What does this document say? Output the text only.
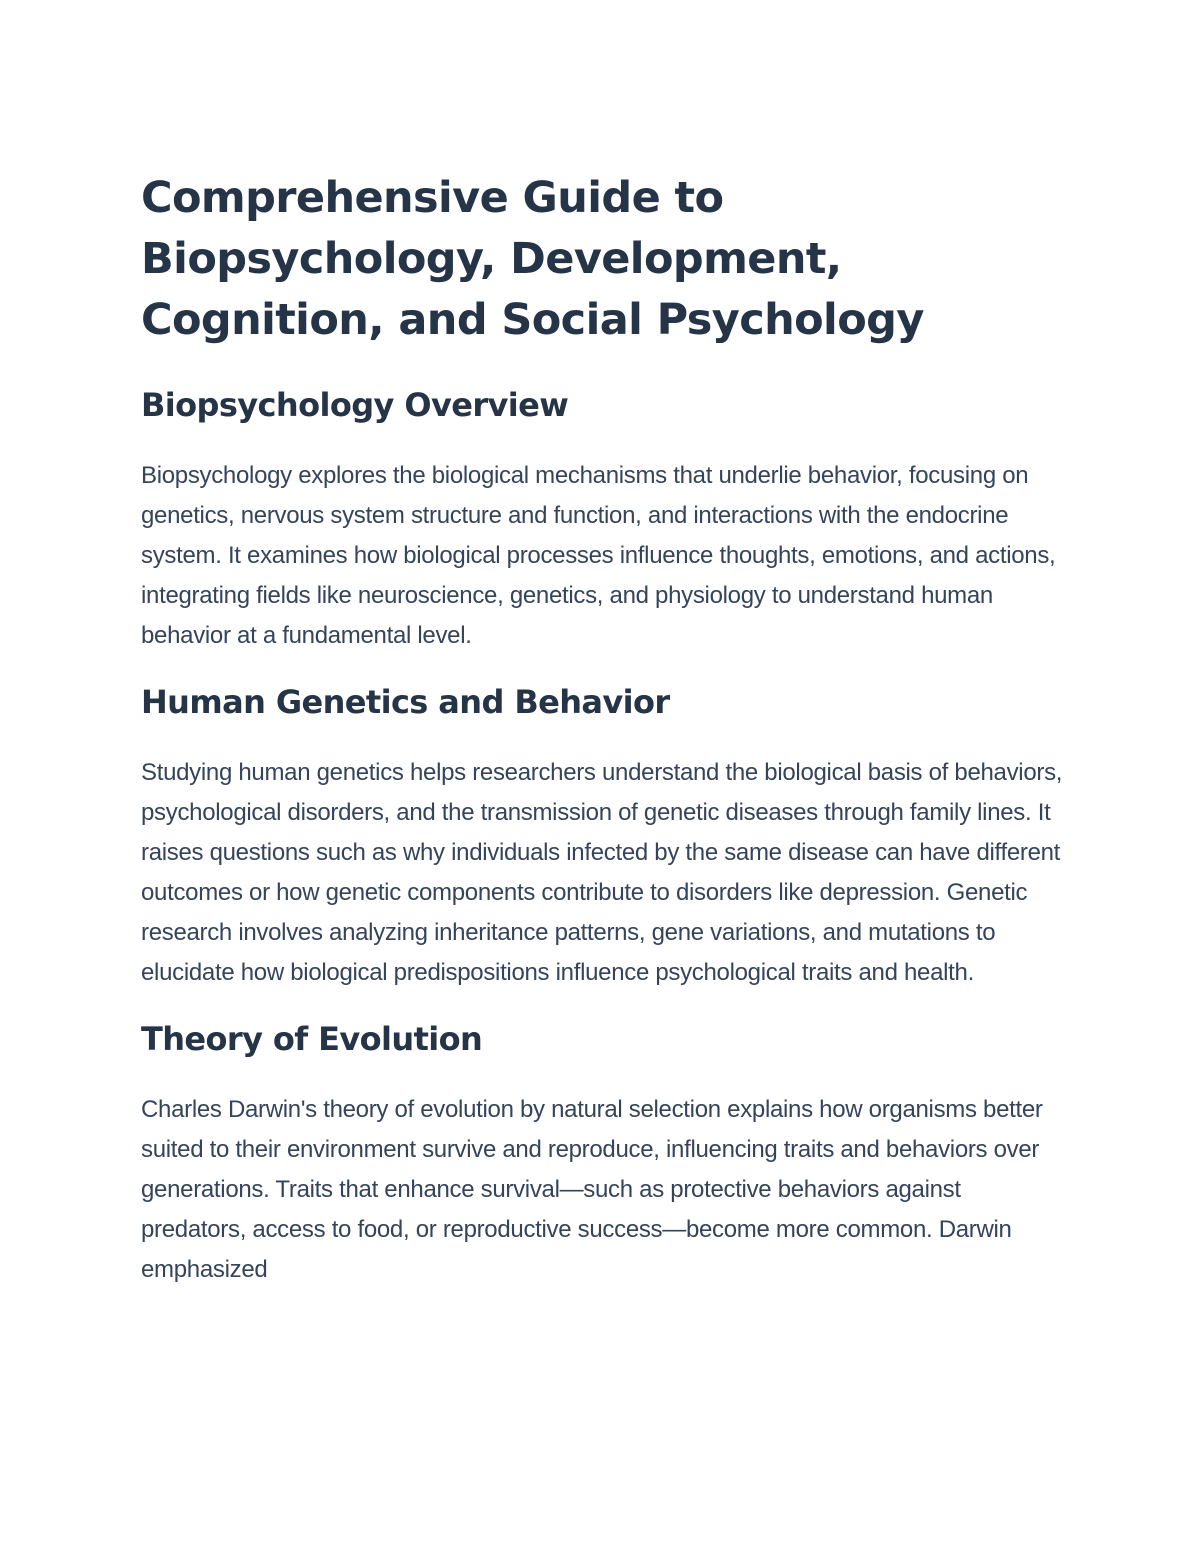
Comprehensive Guide to Biopsychology, Development, Cognition, and Social Psychology
Biopsychology Overview

Biopsychology explores the biological mechanisms that underlie behavior, focusing on genetics, nervous system structure and function, and interactions with the endocrine system. It examines how biological processes influence thoughts, emotions, and actions, integrating fields like neuroscience, genetics, and physiology to understand human behavior at a fundamental level.

Human Genetics and Behavior

Studying human genetics helps researchers understand the biological basis of behaviors, psychological disorders, and the transmission of genetic diseases through family lines. It raises questions such as why individuals infected by the same disease can have different outcomes or how genetic components contribute to disorders like depression. Genetic research involves analyzing inheritance patterns, gene variations, and mutations to elucidate how biological predispositions influence psychological traits and health.

Theory of Evolution

Charles Darwin's theory of evolution by natural selection explains how organisms better suited to their environment survive and reproduce, influencing traits and behaviors over generations. Traits that enhance survival—such as protective behaviors against predators, access to food, or reproductive success—become more common. Darwin emphasized
